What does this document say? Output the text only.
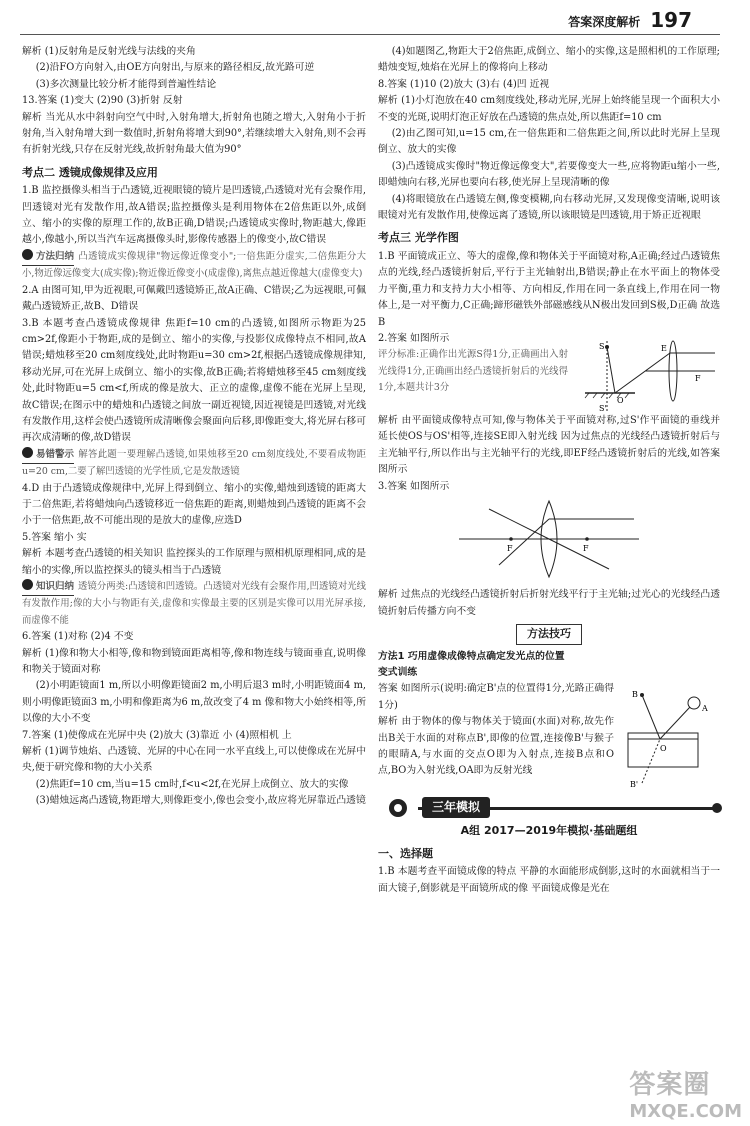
答案深度解析 197

解析 (1)反射角是反射光线与法线的夹角

(2)沿FO方向射入,由OE方向射出,与原来的路径相反,故光路可逆

(3)多次测量比较分析才能得到普遍性结论

13.答案 (1)变大 (2)90 (3)折射 反射

解析 当光从水中斜射向空气中时,入射角增大,折射角也随之增大,入射角小于折射角,当入射角增大到一数值时,折射角将增大到90°,若继续增大入射角,则不会再有折射光线,只存在反射光线,故折射角最大值为90°

考点二 透镜成像规律及应用

1.B 监控摄像头相当于凸透镜,近视眼镜的镜片是凹透镜,凸透镜对光有会聚作用,凹透镜对光有发散作用,故A错误;监控摄像头是利用物体在2倍焦距以外,成倒立、缩小的实像的原理工作的,故B正确,D错误;凸透镜成实像时,物距越大,像距越小,像越小,所以当汽车远离摄像头时,影像传感器上的像变小,故C错误

方法归纳 凸透镜成实像规律"物远像近像变小";一倍焦距分虚实,二倍焦距分大小,物近像远像变大(成实像);物近像近像变小(成虚像),离焦点越近像越大(虚像变大)

2.A 由图可知,甲为近视眼,可佩戴凹透镜矫正,故A正确、C错误;乙为远视眼,可佩戴凸透镜矫正,故B、D错误

3.B 本题考查凸透镜成像规律 焦距f=10 cm的凸透镜,如图所示物距为25 cm>2f,像距小于物距,成的是倒立、缩小的实像,与投影仪成像特点不相同,故A错误;蜡烛移至20 cm刻度线处,此时物距u=30 cm>2f,根据凸透镜成像规律知,移动光屏,可在光屏上成倒立、缩小的实像,故B正确;若将蜡烛移至45 cm刻度线处,此时物距u=5 cm<f,所成的像是放大、正立的虚像,虚像不能在光屏上呈现,故C错误;在图示中的蜡烛和凸透镜之间放一副近视镜,因近视镜是凹透镜,对光线有发散作用,这样会使凸透镜所成清晰像会聚面向后移,即像距变大,将光屏右移可再次成清晰的像,故D错误

易错警示 解答此题一要理解凸透镜,如果烛移至20 cm刻度线处,不要看成物距u=20 cm,二要了解凹透镜的光学性质,它是发散透镜

4.D 由于凸透镜成像规律中,光屏上得到倒立、缩小的实像,蜡烛到透镜的距离大于二倍焦距,若将蜡烛向凸透镜移近一倍焦距的距离,则蜡烛到凸透镜的距离不会小于一倍焦距,故不可能出现的是放大的虚像,应选D

5.答案 缩小 实

解析 本题考查凸透镜的相关知识 监控探头的工作原理与照相机原理相同,成的是缩小的实像,所以监控探头的镜头相当于凸透镜

知识归纳 透镜分两类:凸透镜和凹透镜。凸透镜对光线有会聚作用,凹透镜对光线有发散作用;像的大小与物距有关,虚像和实像最主要的区别是实像可以用光屏承接,而虚像不能

6.答案 (1)对称 (2)4 不变

解析 (1)像和物大小相等,像和物到镜面距离相等,像和物连线与镜面垂直,说明像和物关于镜面对称

(2)小明距镜面1 m,所以小明像距镜面2 m,小明后退3 m时,小明距镜面4 m,则小明像距镜面3 m,小明和像距离为6 m,故改变了4 m 像和物大小始终相等,所以像的大小不变

7.答案 (1)使像成在光屏中央 (2)放大 (3)靠近 小 (4)照相机 上

解析 (1)调节烛焰、凸透镜、光屏的中心在同一水平直线上,可以使像成在光屏中央,便于研究像和物的大小关系

(2)焦距f=10 cm,当u=15 cm时,f<u<2f,在光屏上成倒立、放大的实像

(3)蜡烛远离凸透镜,物距增大,则像距变小,像也会变小,故应将光屏靠近凸透镜

(4)如题图乙,物距大于2倍焦距,成倒立、缩小的实像,这是照相机的工作原理;蜡烛变短,烛焰在光屏上的像将向上移动

8.答案 (1)10 (2)放大 (3)右 (4)凹 近视

解析 (1)小灯泡放在40 cm刻度线处,移动光屏,光屏上始终能呈现一个面积大小不变的光斑,说明灯泡正好放在凸透镜的焦点处,所以焦距f=10 cm

(2)由乙图可知,u=15 cm,在一倍焦距和二倍焦距之间,所以此时光屏上呈现倒立、放大的实像

(3)凸透镜成实像时"物近像远像变大",若要像变大一些,应将物距u缩小一些,即蜡烛向右移,光屏也要向右移,使光屏上呈现清晰的像

(4)将眼镜放在凸透镜左侧,像变模糊,向右移动光屏,又发现像变清晰,说明该眼镜对光有发散作用,使像远离了透镜,所以该眼镜是凹透镜,用于矫正近视眼

考点三 光学作图

1.B 平面镜成正立、等大的虚像,像和物体关于平面镜对称,A正确;经过凸透镜焦点的光线,经凸透镜折射后,平行于主光轴射出,B错误;静止在水平面上的物体受力平衡,重力和支持力大小相等、方向相反,作用在同一条直线上,作用在同一物体上,是一对平衡力,C正确;蹄形磁铁外部磁感线从N极出发回到S极,D正确 故选B

2.答案 如图所示

评分标准:正确作出光源S得1分,正确画出入射光线得1分,正确画出经凸透镜折射后的光线得1分,本题共计3分

S
S'
O
E
F

解析 由平面镜成像特点可知,像与物体关于平面镜对称,过S'作平面镜的垂线并延长使OS与OS'相等,连接SE即入射光线 因为过焦点的光线经凸透镜折射后与主光轴平行,所以作出与主光轴平行的光线,即EF经凸透镜折射后的光线,如答案图所示

3.答案 如图所示

F	F

解析 过焦点的光线经凸透镜折射后折射光线平行于主光轴;过光心的光线经凸透镜折射后传播方向不变

方法技巧

方法1 巧用虚像成像特点确定发光点的位置

变式训练

答案 如图所示(说明:确定B'点的位置得1分,光路正确得1分)

解析 由于物体的像与物体关于镜面(水面)对称,故先作出B关于水面的对称点B',即像的位置,连接像B'与猴子的眼睛A,与水面的交点O即为入射点,连接B点和O点,BO为入射光线,OA即为反射光线

B
B'
A
O
三年模拟
A组 2017—2019年模拟·基础题组
一、选择题

1.B 本题考查平面镜成像的特点 平静的水面能形成倒影,这时的水面就相当于一面大镜子,倒影就是平面镜所成的像 平面镜成像是光在

答案圈
MXQE.COM
